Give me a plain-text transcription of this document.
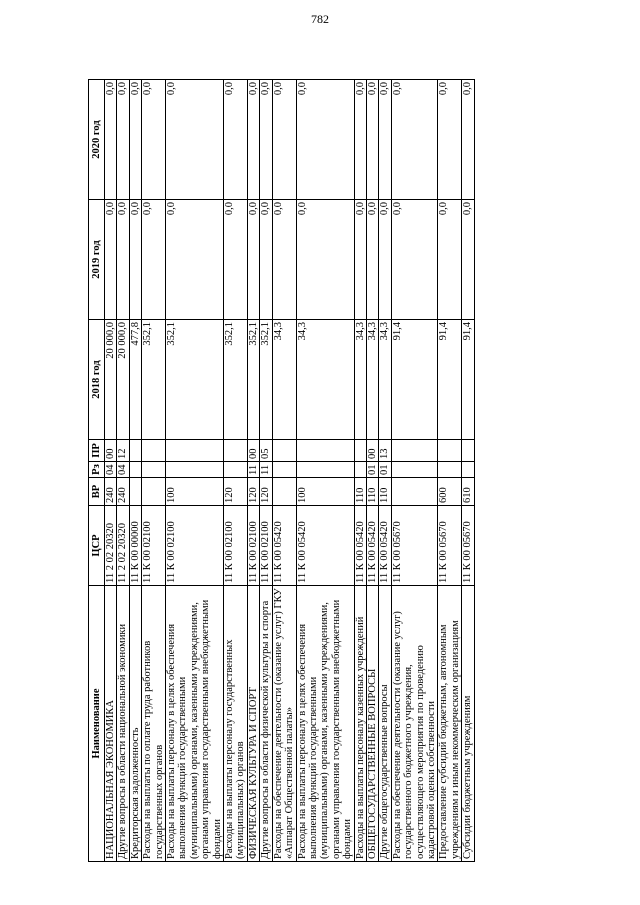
782
Наименование	ЦСР	ВР	Рз	ПР	2018 год	2019 год	2020 год
НАЦИОНАЛЬНАЯ ЭКОНОМИКА	11 2 02 20320	240	04	00	20 000,0	0,0	0,0
Другие вопросы в области национальной экономики	11 2 02 20320	240	04	12	20 000,0	0,0	0,0
Кредиторская задолженность	11 К 00 00000				477,8	0,0	0,0
Расходы на выплаты по оплате труда работников государственных органов	11 К 00 02100				352,1	0,0	0,0
Расходы на выплаты персоналу в целях обеспечения выполнения функций государственными (муниципальными) органами, казенными учреждениями, органами управления государственными внебюджетными фондами	11 К 00 02100	100			352,1	0,0	0,0
Расходы на выплаты персоналу государственных (муниципальных) органов	11 К 00 02100	120			352,1	0,0	0,0
ФИЗИЧЕСКАЯ КУЛЬТУРА И СПОРТ	11 К 00 02100	120	11	00	352,1	0,0	0,0
Другие вопросы в области физической культуры и спорта	11 К 00 02100	120	11	05	352,1	0,0	0,0
Расходы на обеспечение деятельности (оказание услуг) ГКУ «Аппарат Общественной палаты»	11 К 00 05420				34,3	0,0	0,0
Расходы на выплаты персоналу в целях обеспечения выполнения функций государственными (муниципальными) органами, казенными учреждениями, органами управления государственными внебюджетными фондами	11 К 00 05420	100			34,3	0,0	0,0
Расходы на выплаты персоналу казенных учреждений	11 К 00 05420	110			34,3	0,0	0,0
ОБЩЕГОСУДАРСТВЕННЫЕ ВОПРОСЫ	11 К 00 05420	110	01	00	34,3	0,0	0,0
Другие общегосударственные вопросы	11 К 00 05420	110	01	13	34,3	0,0	0,0
Расходы на обеспечение деятельности (оказание услуг) государственного бюджетного учреждения, осуществляющего мероприятия по проведению кадастровой оценки собственности	11 К 00 05670				91,4	0,0	0,0
Предоставление субсидий бюджетным, автономным учреждениям и иным некоммерческим организациям	11 К 00 05670	600			91,4	0,0	0,0
Субсидии бюджетным учреждениям	11 К 00 05670	610			91,4	0,0	0,0
